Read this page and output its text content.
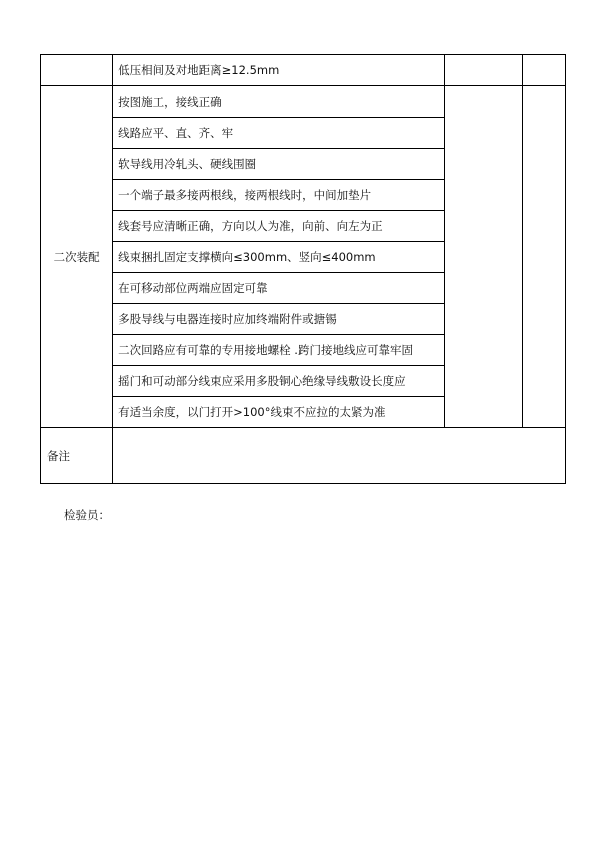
	低压相间及对地距离≥12.5mm		
二次装配	按图施工，接线正确		
	线路应平、直、齐、牢		
	软导线用冷轧头、硬线围圈		
	一个端子最多接两根线，接两根线时，中间加垫片		
	线套号应清晰正确，方向以人为准，向前、向左为正		
	线束捆扎固定支撑横向≤300mm、竖向≤400mm		
	在可移动部位两端应固定可靠		
	多股导线与电器连接时应加终端附件或搪锡		
	二次回路应有可靠的专用接地螺栓 .跨门接地线应可靠牢固		
	摇门和可动部分线束应采用多股铜心绝缘导线敷设长度应		
	有适当余度，以门打开>100°线束不应拉的太紧为准		
备注			
检验员：
